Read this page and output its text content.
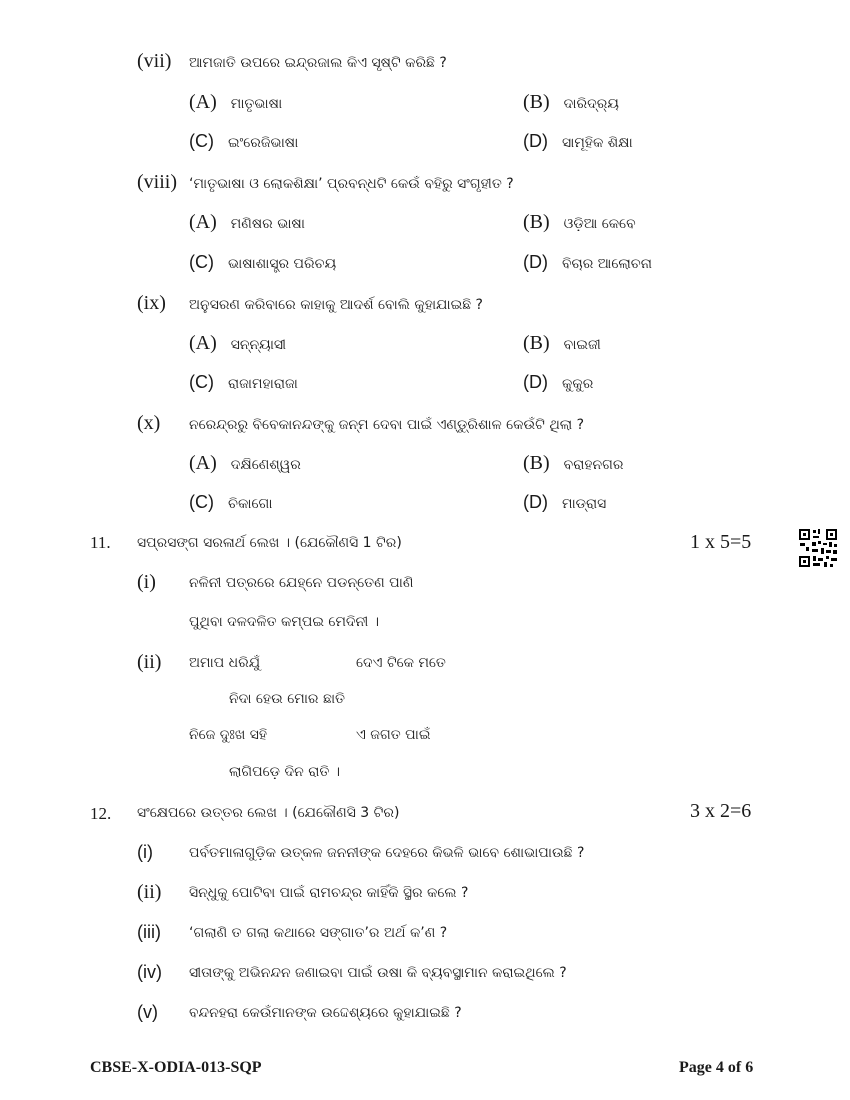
(vii) ଆମଜାତି ଉପରେ ଇନ୍ଦ୍ରଜାଲ କିଏ ସୃଷ୍ଟି କରିଛି ?
(A) ମାତୃଭାଷା	(B) ଦାରିଦ୍ର୍ୟ
(C) ଇଂରେଜିଭାଷା	(D) ସାମୂହିକ ଶିକ୍ଷା
(viii) ‘ମାତୃଭାଷା ଓ ଲୋକଶିକ୍ଷା’ ପ୍ରବନ୍ଧଟି କେଉଁ ବହିରୁ ସଂଗୃହୀତ ?
(A) ମଣିଷର ଭାଷା	(B) ଓଡ଼ିଆ କେବେ
(C) ଭାଷାଶାସ୍ତ୍ର ପରିଚୟ	(D) ବିଚାର ଆଲୋଚନା
(ix) ଅନୁସରଣ କରିବାରେ କାହାକୁ ଆଦର୍ଶ ବୋଲି କୁହାଯାଇଛି ?
(A) ସନ୍ନ୍ୟାସୀ	(B) ବାଇଜୀ
(C) ରାଜାମହାରାଜା	(D) କୁକୁର
(x) ନରେନ୍ଦ୍ରରୁ ବିବେକାନନ୍ଦଙ୍କୁ ଜନ୍ମ ଦେବା ପାଇଁ ଏଣ୍ଡୁ୍ରିଶାଳ କେଉଁଟି ଥିଲା ?
(A) ଦକ୍ଷିଣେଶ୍ୱର	(B) ବରାହନଗର
(C) ଚିକାଗୋ	(D) ମାଡ୍ରାସ
11. ସପ୍ରସଙ୍ଗ ସରଳାର୍ଥ ଲେଖ । (ଯେକୌଣସି 1 ଟିର)	1 x 5=5
(i) ନଳିନୀ ପତ୍ରରେ ଯେହ୍ନେ ପଡନ୍ତେଣ ପାଣି
ପୁଥିବା ଦଳଦଳିତ କମ୍ପଇ ମେଦିନୀ ।
(ii) ଅମାପ ଧରିଯୁଁ	ଦେଏ ଟିକେ ମତେ
ନିଦା ହେଉ ମୋର ଛାତି
ନିଜେ ଦୁଃଖ ସହି	ଏ ଜଗତ ପାଇଁ
ଲାଗିପଡ଼େ ଦିନ ରାତି ।
12. ସଂକ୍ଷେପରେ ଉତ୍ତର ଲେଖ । (ଯେକୌଣସି 3 ଟିର)	3 x 2=6
(i)	ପର୍ବତମାଳାଗୁଡ଼ିକ ଉତ୍କଳ ଜନନୀଙ୍କ ଦେହରେ କିଭଳି ଭାବେ ଶୋଭାପାଉଛି ?
(ii) ସିନ୍ଧୁକୁ ପୋଟିବା ପାଇଁ ରାମଚନ୍ଦ୍ର କାହିଁକି ସ୍ଥିର କଲେ ?
(iii) ‘ଗଲାଣି ତ ଗଲା କଥାରେ ସଙ୍ଗାତ’ର ଅର୍ଥ କ’ଣ ?
(iv) ସୀତାଙ୍କୁ ଅଭିନନ୍ଦନ ଜଣାଇବା ପାଇଁ ଉଷା କି ବ୍ୟବସ୍ଥାମାନ କରାଇଥିଲେ ?
(v) ବନ୍ଦନହରା କେଉଁମାନଙ୍କ ଉଦ୍ଦେଶ୍ୟରେ କୁହାଯାଇଛି ?
CBSE-X-ODIA-013-SQP	Page 4 of 6
